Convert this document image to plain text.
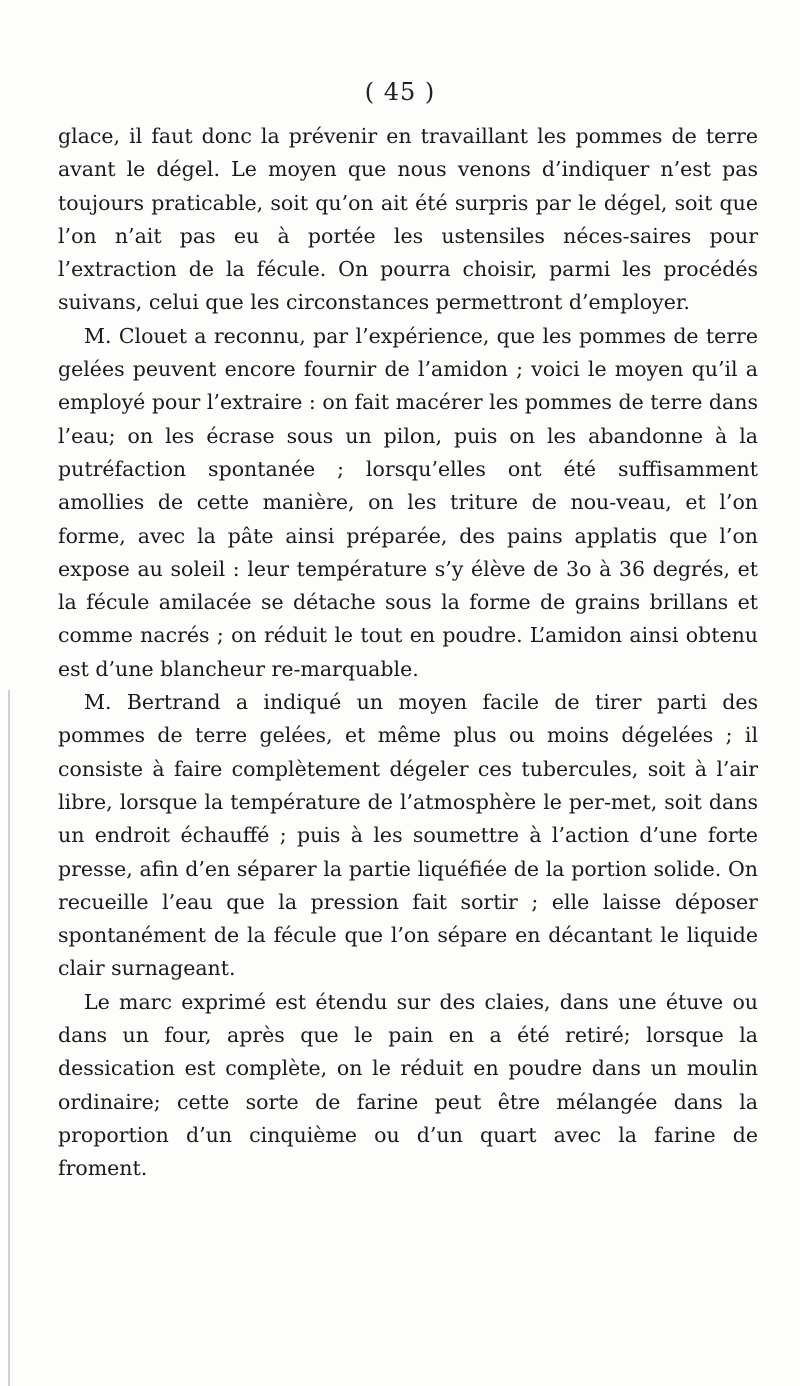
( 45 )

glace, il faut donc la prévenir en travaillant les pommes de terre avant le dégel. Le moyen que nous venons d’indiquer n’est pas toujours praticable, soit qu’on ait été surpris par le dégel, soit que l’on n’ait pas eu à portée les ustensiles néces-saires pour l’extraction de la fécule. On pourra choisir, parmi les procédés suivans, celui que les circonstances permettront d’employer.

M. Clouet a reconnu, par l’expérience, que les pommes de terre gelées peuvent encore fournir de l’amidon ; voici le moyen qu’il a employé pour l’extraire : on fait macérer les pommes de terre dans l’eau; on les écrase sous un pilon, puis on les abandonne à la putréfaction spontanée ; lorsqu’elles ont été suffisamment amollies de cette manière, on les triture de nou-veau, et l’on forme, avec la pâte ainsi préparée, des pains applatis que l’on expose au soleil : leur température s’y élève de 3o à 36 degrés, et la fécule amilacée se détache sous la forme de grains brillans et comme nacrés ; on réduit le tout en poudre. L’amidon ainsi obtenu est d’une blancheur re-marquable.

M. Bertrand a indiqué un moyen facile de tirer parti des pommes de terre gelées, et même plus ou moins dégelées ; il consiste à faire complètement dégeler ces tubercules, soit à l’air libre, lorsque la température de l’atmosphère le per-met, soit dans un endroit échauffé ; puis à les soumettre à l’action d’une forte presse, afin d’en séparer la partie liquéfiée de la portion solide. On recueille l’eau que la pression fait sortir ; elle laisse déposer spontanément de la fécule que l’on sépare en décantant le liquide clair surnageant.

Le marc exprimé est étendu sur des claies, dans une étuve ou dans un four, après que le pain en a été retiré; lorsque la dessication est complète, on le réduit en poudre dans un moulin ordinaire; cette sorte de farine peut être mélangée dans la proportion d’un cinquième ou d’un quart avec la farine de froment.
